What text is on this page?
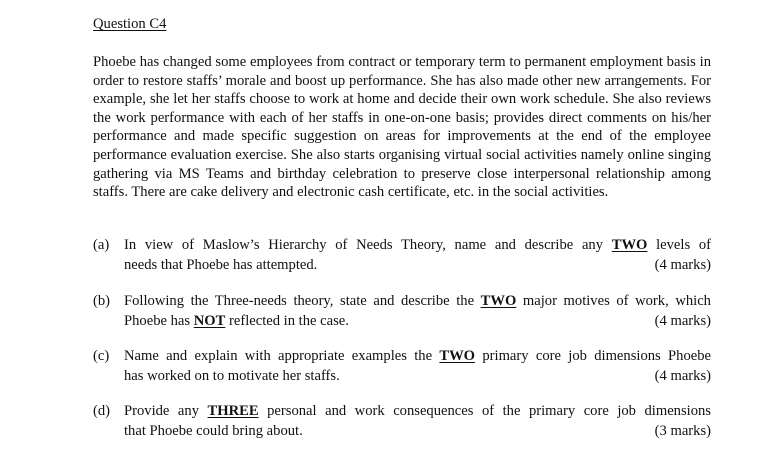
Question C4

Phoebe has changed some employees from contract or temporary term to permanent employment basis in order to restore staffs’ morale and boost up performance. She has also made other new arrangements. For example, she let her staffs choose to work at home and decide their own work schedule. She also reviews the work performance with each of her staffs in one-on-one basis; provides direct comments on his/her performance and made specific suggestion on areas for improvements at the end of the employee performance evaluation exercise. She also starts organising virtual social activities namely online singing gathering via MS Teams and birthday celebration to preserve close interpersonal relationship among staffs. There are cake delivery and electronic cash certificate, etc. in the social activities.

(a) In view of Maslow’s Hierarchy of Needs Theory, name and describe any TWO levels of
needs that Phoebe has attempted.	(4 marks)
(b) Following the Three-needs theory, state and describe the TWO major motives of work, which
Phoebe has NOT reflected in the case.	(4 marks)
(c) Name and explain with appropriate examples the TWO primary core job dimensions Phoebe
has worked on to motivate her staffs.	(4 marks)
(d) Provide any THREE personal and work consequences of the primary core job dimensions
that Phoebe could bring about.	(3 marks)
